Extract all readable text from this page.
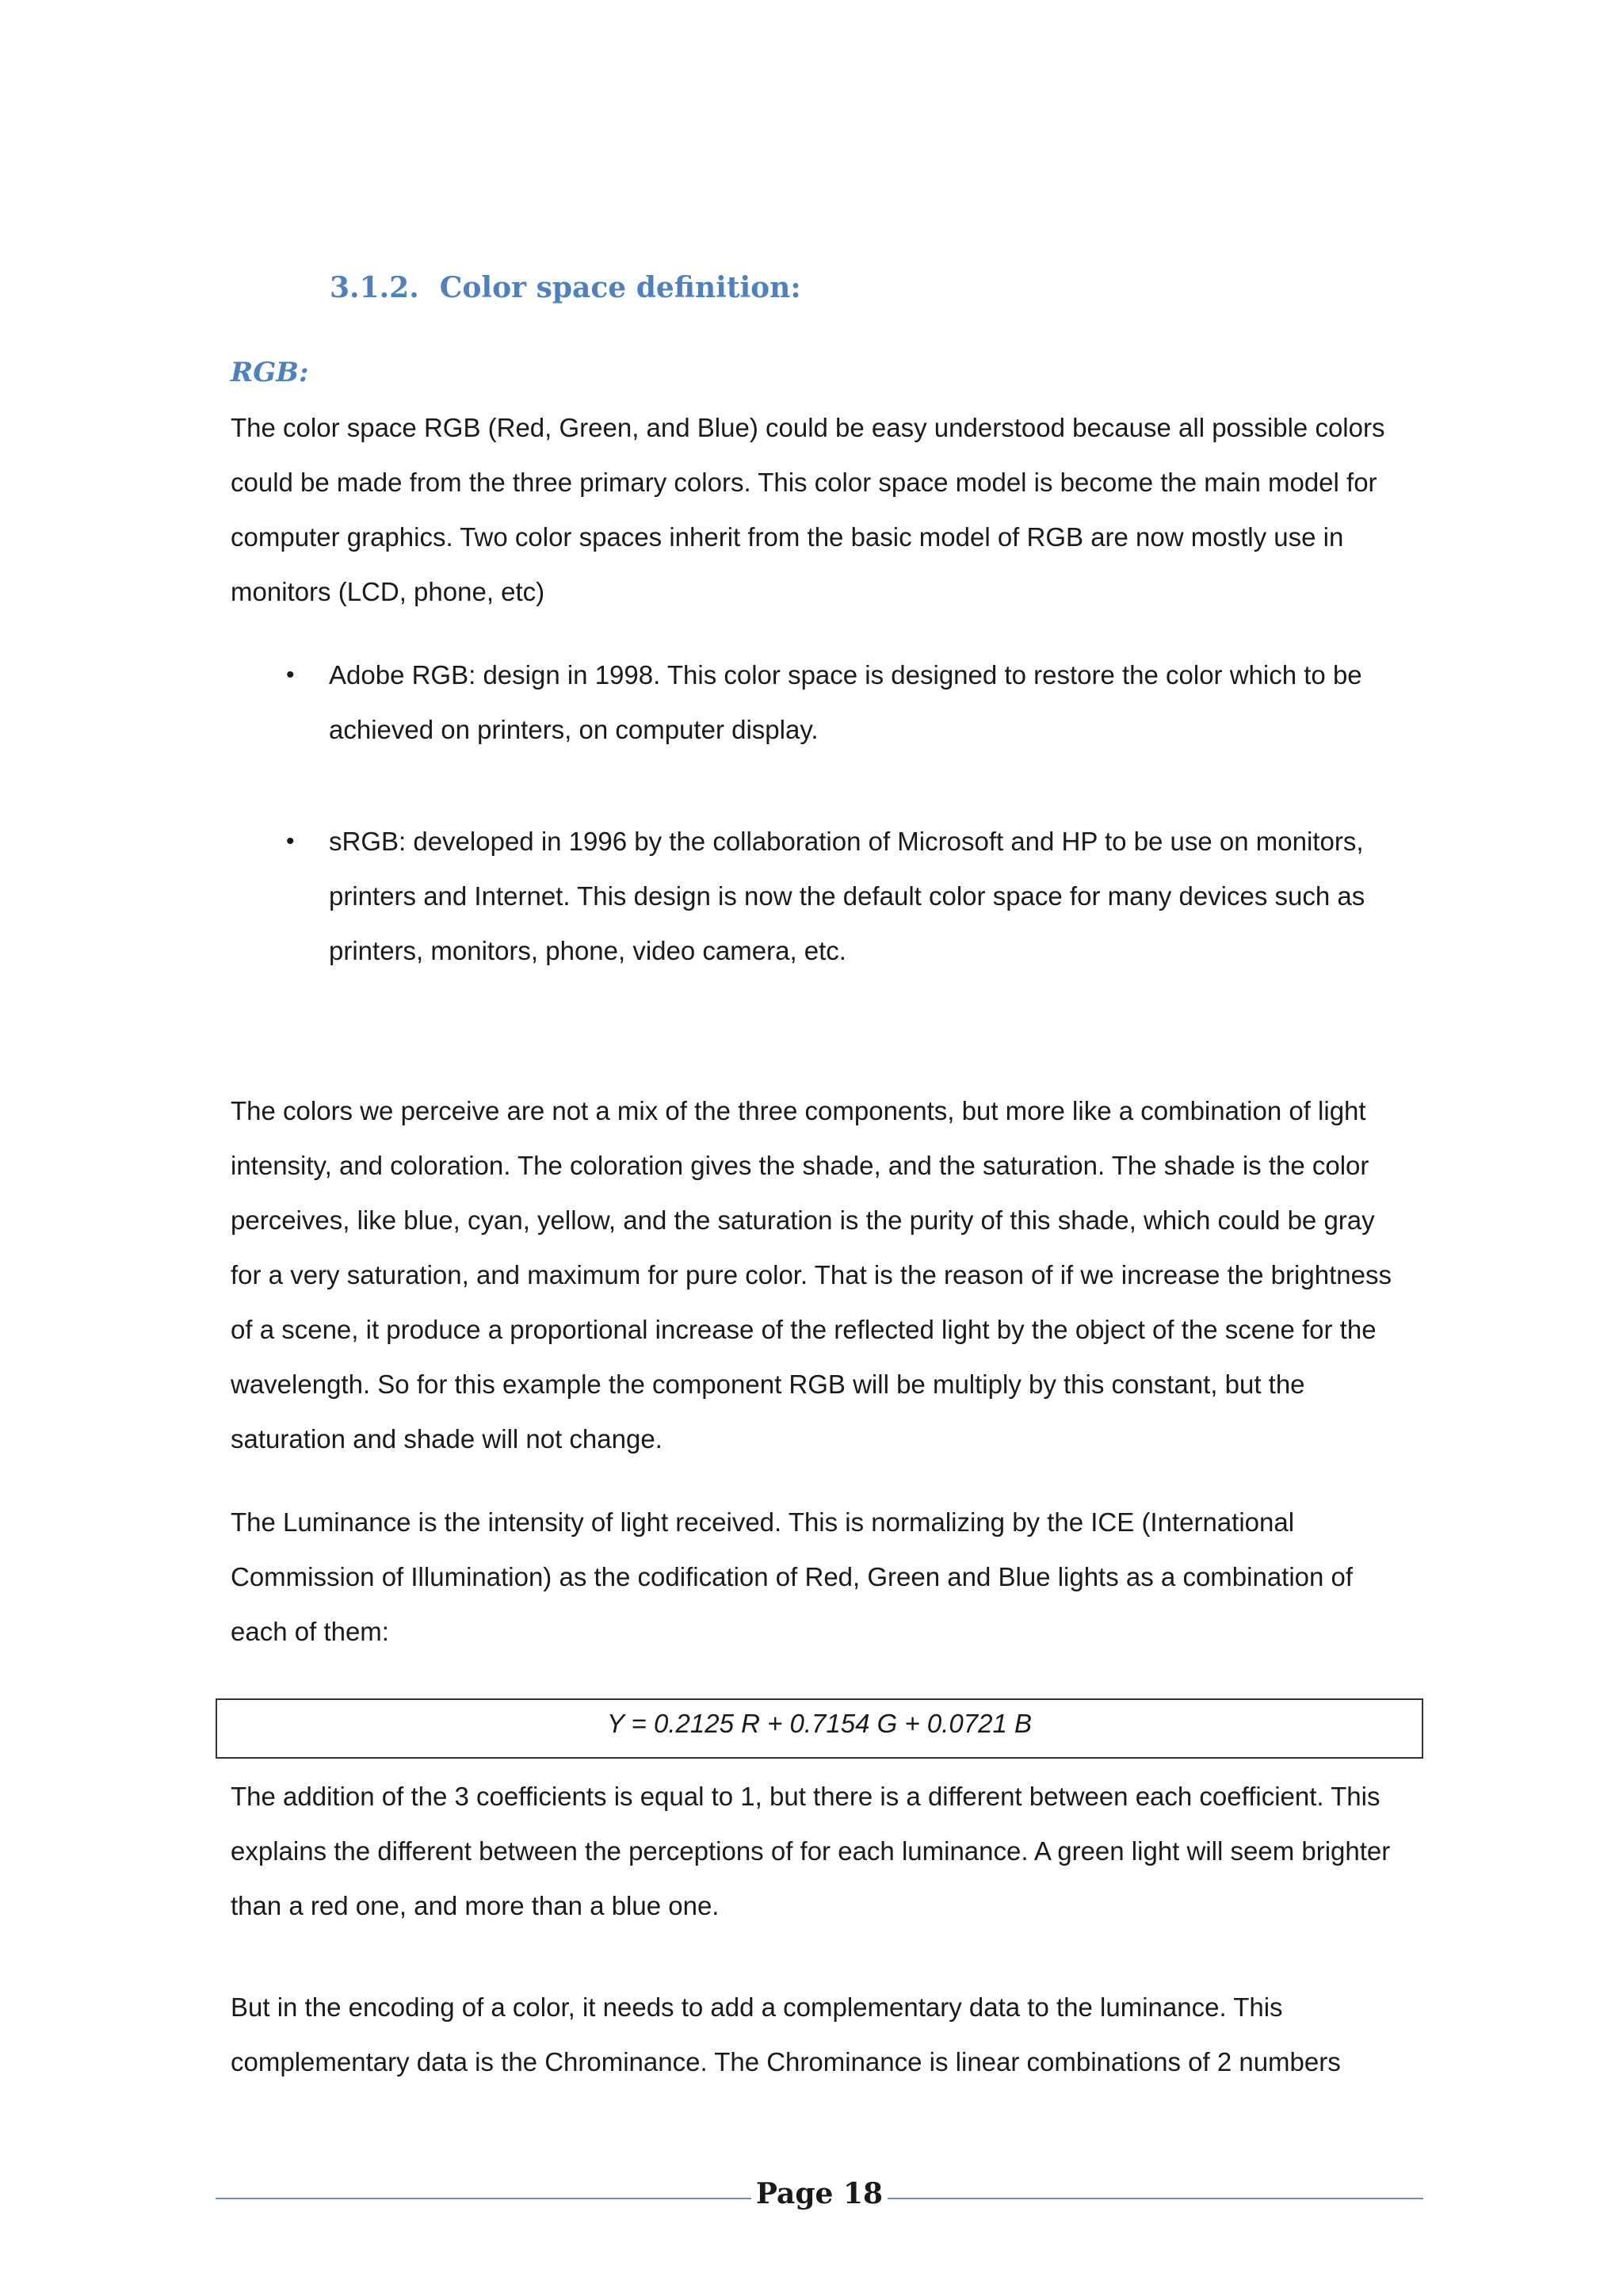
3.1.2. Color space definition:
RGB:

The color space RGB (Red, Green, and Blue) could be easy understood because all possible colors could be made from the three primary colors. This color space model is become the main model for computer graphics. Two color spaces inherit from the basic model of RGB are now mostly use in monitors (LCD, phone, etc)

• Adobe RGB: design in 1998. This color space is designed to restore the color which to be achieved on printers, on computer display.
• sRGB: developed in 1996 by the collaboration of Microsoft and HP to be use on monitors, printers and Internet. This design is now the default color space for many devices such as printers, monitors, phone, video camera, etc.

The colors we perceive are not a mix of the three components, but more like a combination of light intensity, and coloration. The coloration gives the shade, and the saturation. The shade is the color perceives, like blue, cyan, yellow, and the saturation is the purity of this shade, which could be gray for a very saturation, and maximum for pure color. That is the reason of if we increase the brightness of a scene, it produce a proportional increase of the reflected light by the object of the scene for the wavelength. So for this example the component RGB will be multiply by this constant, but the saturation and shade will not change.

The Luminance is the intensity of light received. This is normalizing by the ICE (International Commission of Illumination) as the codification of Red, Green and Blue lights as a combination of each of them:

Y = 0.2125 R + 0.7154 G + 0.0721 B

The addition of the 3 coefficients is equal to 1, but there is a different between each coefficient. This explains the different between the perceptions of for each luminance. A green light will seem brighter than a red one, and more than a blue one.

But in the encoding of a color, it needs to add a complementary data to the luminance. This complementary data is the Chrominance. The Chrominance is linear combinations of 2 numbers

Page 18
